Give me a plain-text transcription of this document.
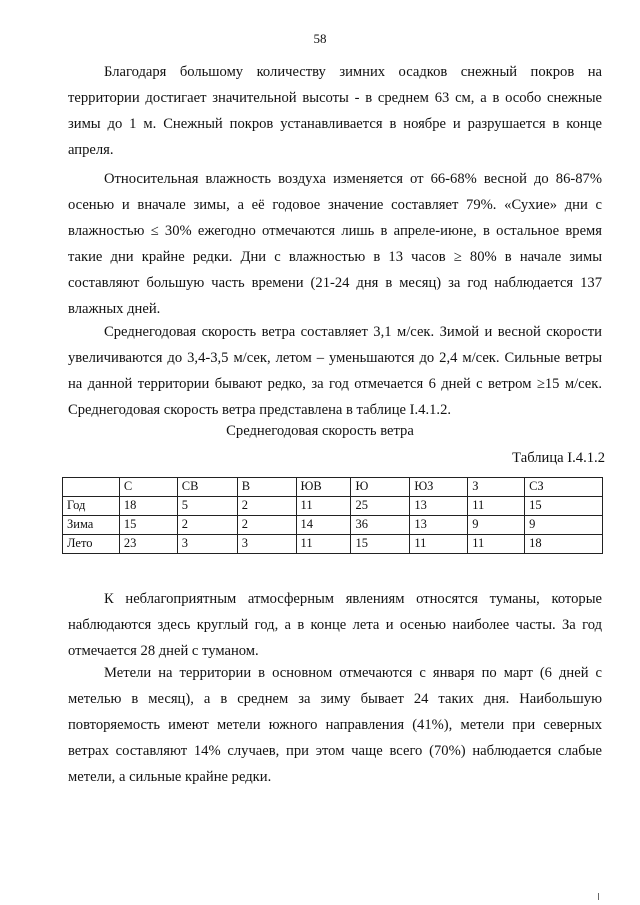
58

Благодаря большому количеству зимних осадков снежный покров на территории достигает значительной высоты - в среднем 63 см, а в особо снежные зимы до 1 м. Снежный покров устанавливается в ноябре и разрушается в конце апреля.

Относительная влажность воздуха изменяется от 66-68% весной до 86-87% осенью и вначале зимы, а её годовое значение составляет 79%. «Сухие» дни с влажностью ≤ 30% ежегодно отмечаются лишь в апреле-июне, в остальное время такие дни крайне редки. Дни с влажностью в 13 часов ≥ 80% в начале зимы составляют большую часть времени (21-24 дня в месяц) за год наблюдается 137 влажных дней.

Среднегодовая скорость ветра составляет 3,1 м/сек. Зимой и весной скорости увеличиваются до 3,4-3,5 м/сек, летом – уменьшаются до 2,4 м/сек. Сильные ветры на данной территории бывают редко, за год отмечается 6 дней с ветром ≥15 м/сек. Среднегодовая скорость ветра представлена в таблице I.4.1.2.

Среднегодовая скорость ветра
Таблица I.4.1.2
	С	СВ	В	ЮВ	Ю	ЮЗ	З	СЗ
Год	18	5	2	11	25	13	11	15
Зима	15	2	2	14	36	13	9	9
Лето	23	3	3	11	15	11	11	18

К неблагоприятным атмосферным явлениям относятся туманы, которые наблюдаются здесь круглый год, а в конце лета и осенью наиболее часты. За год отмечается 28 дней с туманом.

Метели на территории в основном отмечаются с января по март (6 дней с метелью в месяц), а в среднем за зиму бывает 24 таких дня. Наибольшую повторяемость имеют метели южного направления (41%), метели при северных ветрах составляют 14% случаев, при этом чаще всего (70%) наблюдается слабые метели, а сильные крайне редки.
